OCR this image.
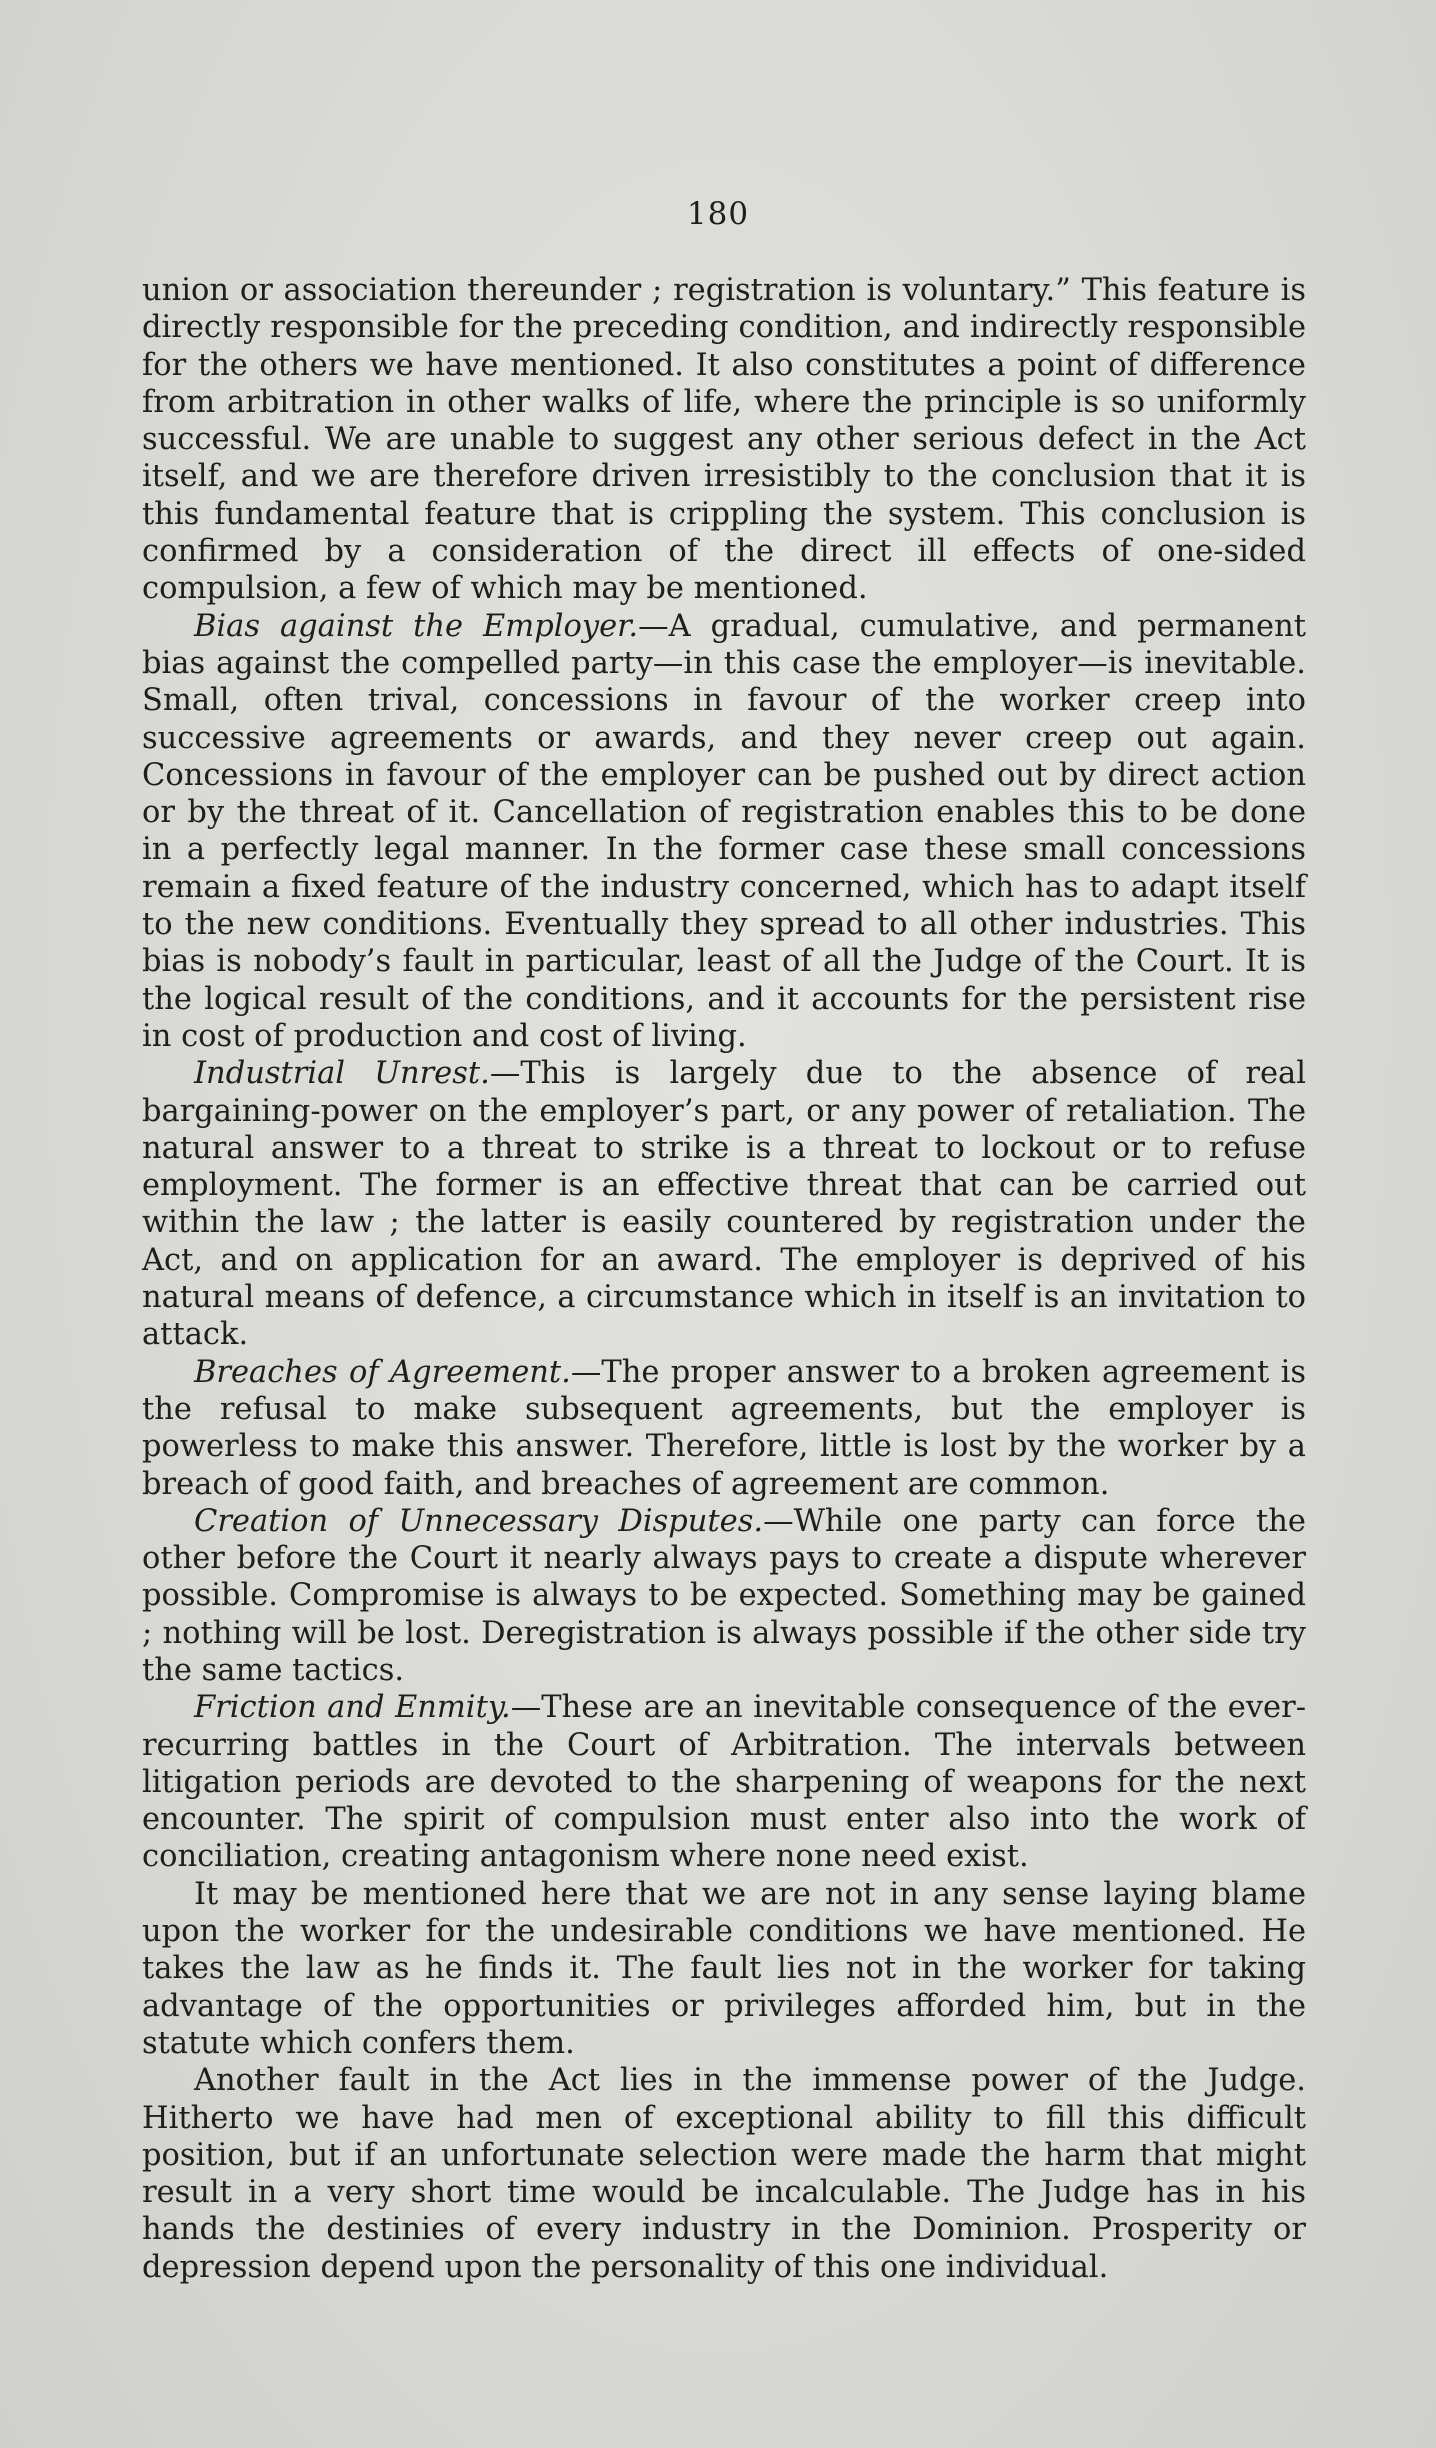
180

union or association thereunder ; registration is voluntary.” This feature is directly responsible for the preceding condition, and indirectly responsible for the others we have mentioned. It also constitutes a point of difference from arbitration in other walks of life, where the principle is so uniformly successful. We are unable to suggest any other serious defect in the Act itself, and we are therefore driven irresistibly to the conclusion that it is this fundamental feature that is crippling the system. This conclusion is confirmed by a consideration of the direct ill effects of one-sided compulsion, a few of which may be mentioned.

Bias against the Employer.—A gradual, cumulative, and permanent bias against the compelled party—in this case the employer—is inevitable. Small, often trival, concessions in favour of the worker creep into successive agreements or awards, and they never creep out again. Concessions in favour of the employer can be pushed out by direct action or by the threat of it. Cancellation of registration enables this to be done in a perfectly legal manner. In the former case these small concessions remain a fixed feature of the industry concerned, which has to adapt itself to the new conditions. Eventually they spread to all other industries. This bias is nobody’s fault in particular, least of all the Judge of the Court. It is the logical result of the conditions, and it accounts for the persistent rise in cost of production and cost of living.

Industrial Unrest.—This is largely due to the absence of real bargaining-power on the employer’s part, or any power of retaliation. The natural answer to a threat to strike is a threat to lockout or to refuse employment. The former is an effective threat that can be carried out within the law ; the latter is easily countered by registration under the Act, and on application for an award. The employer is deprived of his natural means of defence, a circumstance which in itself is an invitation to attack.

Breaches of Agreement.—The proper answer to a broken agreement is the refusal to make subsequent agreements, but the employer is powerless to make this answer. Therefore, little is lost by the worker by a breach of good faith, and breaches of agreement are common.

Creation of Unnecessary Disputes.—While one party can force the other before the Court it nearly always pays to create a dispute wherever possible. Compromise is always to be expected. Something may be gained ; nothing will be lost. Deregistration is always possible if the other side try the same tactics.

Friction and Enmity.—These are an inevitable consequence of the ever-recurring battles in the Court of Arbitration. The intervals between litigation periods are devoted to the sharpening of weapons for the next encounter. The spirit of compulsion must enter also into the work of conciliation, creating antagonism where none need exist.

It may be mentioned here that we are not in any sense laying blame upon the worker for the undesirable conditions we have mentioned. He takes the law as he finds it. The fault lies not in the worker for taking advantage of the opportunities or privileges afforded him, but in the statute which confers them.

Another fault in the Act lies in the immense power of the Judge. Hitherto we have had men of exceptional ability to fill this difficult position, but if an unfortunate selection were made the harm that might result in a very short time would be incalculable. The Judge has in his hands the destinies of every industry in the Dominion. Prosperity or depression depend upon the personality of this one individual.
